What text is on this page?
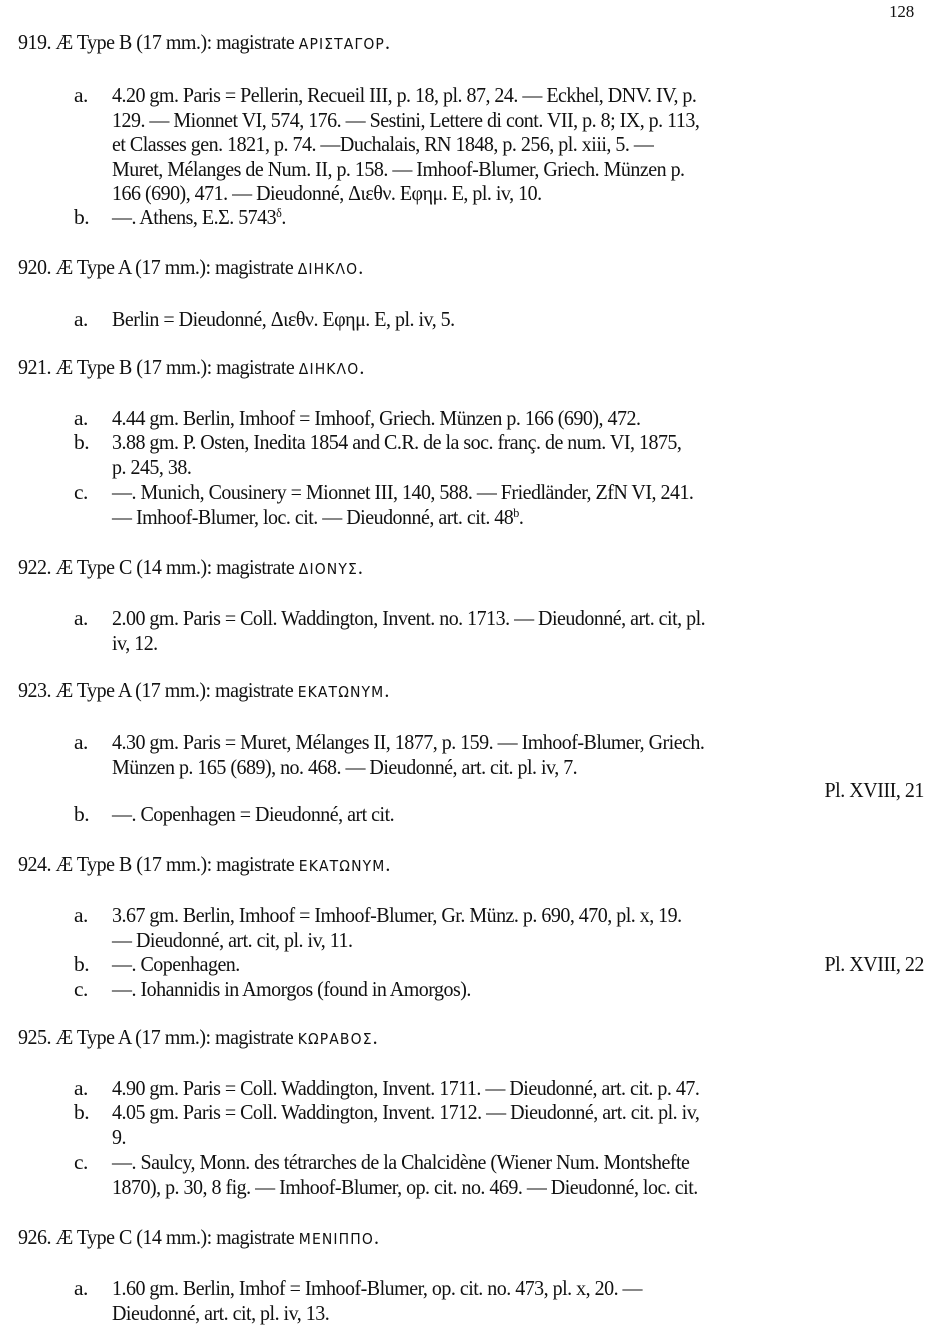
128
919. Æ Type B (17 mm.): magistrate ΑΡΙΣΤΑΓΟΡ.
a.	4.20 gm. Paris = Pellerin, Recueil III, p. 18, pl. 87, 24. — Eckhel, DNV. IV, p.
129. — Mionnet VI, 574, 176. — Sestini, Lettere di cont. VII, p. 8; IX, p. 113,
et Classes gen. 1821, p. 74. —Duchalais, RN 1848, p. 256, pl. xiii, 5. —
Muret, Mélanges de Num. II, p. 158. — Imhoof-Blumer, Griech. Münzen p.
166 (690), 471. — Dieudonné, Διεθν. Εφημ. E, pl. iv, 10.
b.	—. Athens, E.Σ. $5743^\delta$.
920. Æ Type A (17 mm.): magistrate ΔΙΗΚΛΟ.
a.	Berlin = Dieudonné, Διεθν. Εφημ. E, pl. iv, 5.
921. Æ Type B (17 mm.): magistrate ΔΙΗΚΛΟ.
a.	4.44 gm. Berlin, Imhoof = Imhoof, Griech. Münzen p. 166 (690), 472.
b.	3.88 gm. P. Osten, Inedita 1854 and C.R. de la soc. franç. de num. VI, 1875,
p. 245, 38.
c.	—. Munich, Cousinery = Mionnet III, 140, 588. — Friedländer, ZfN VI, 241.
— Imhoof-Blumer, loc. cit. — Dieudonné, art. cit. 48$^b$.
922. Æ Type C (14 mm.): magistrate ΔΙΟΝΥΣ.
a.	2.00 gm. Paris = Coll. Waddington, Invent. no. 1713. — Dieudonné, art. cit, pl.
iv, 12.
923. Æ Type A (17 mm.): magistrate ΕΚΑΤΩΝΥΜ.
a.	4.30 gm. Paris = Muret, Mélanges II, 1877, p. 159. — Imhoof-Blumer, Griech.
Münzen p. 165 (689), no. 468. — Dieudonné, art. cit. pl. iv, 7.
Pl. XVIII, 21
b.	—. Copenhagen = Dieudonné, art cit.
924. Æ Type B (17 mm.): magistrate ΕΚΑΤΩΝΥΜ.
a.	3.67 gm. Berlin, Imhoof = Imhoof-Blumer, Gr. Münz. p. 690, 470, pl. x, 19.
— Dieudonné, art. cit, pl. iv, 11.
b.	—. Copenhagen.	Pl. XVIII, 22
c.	—. Iohannidis in Amorgos (found in Amorgos).
925. Æ Type A (17 mm.): magistrate ΚΩΡΑΒΟΣ.
a.	4.90 gm. Paris = Coll. Waddington, Invent. 1711. — Dieudonné, art. cit. p. 47.
b.	4.05 gm. Paris = Coll. Waddington, Invent. 1712. — Dieudonné, art. cit. pl. iv,
9.
c.	—. Saulcy, Monn. des tétrarches de la Chalcidène (Wiener Num. Montshefte
1870), p. 30, 8 fig. — Imhoof-Blumer, op. cit. no. 469. — Dieudonné, loc. cit.
926. Æ Type C (14 mm.): magistrate ΜΕΝΙΠΠΟ.
a.	1.60 gm. Berlin, Imhof = Imhoof-Blumer, op. cit. no. 473, pl. x, 20. —
Dieudonné, art. cit, pl. iv, 13.
